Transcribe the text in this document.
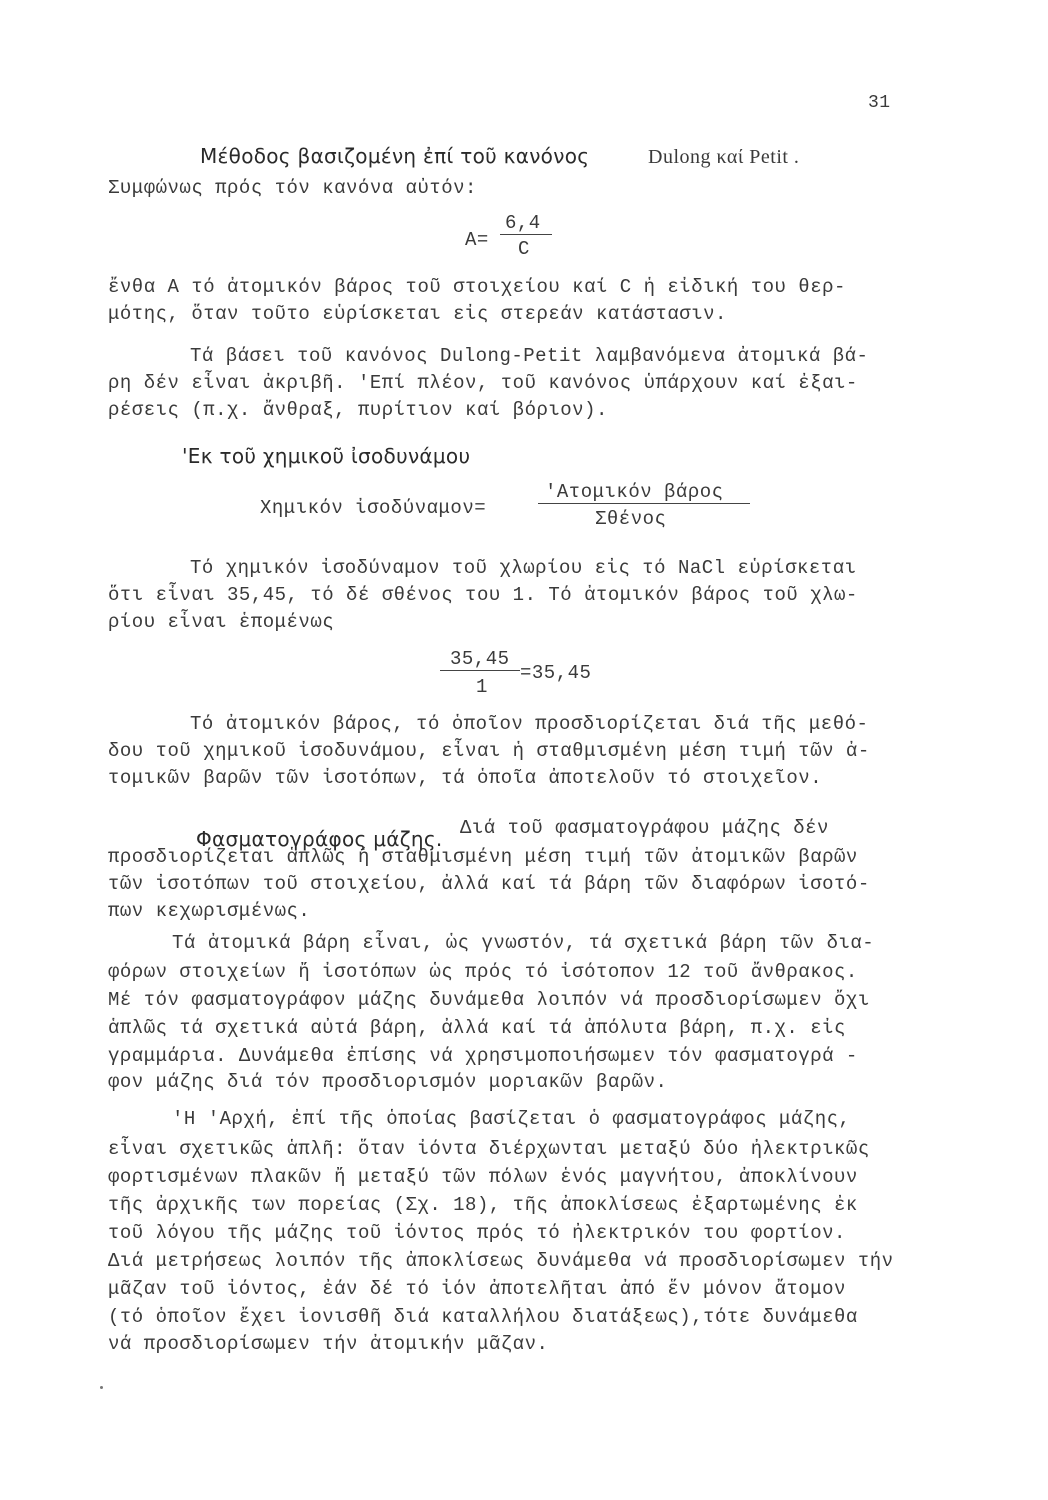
31
Μέθοδος βασιζομένη ἐπί τοῦ κανόνος	Dulong καί Petit .
Συμφώνως πρός τόν κανόνα αὐτόν:
A=
6,4
C
ἔνθα A τό ἀτομικόν βάρος τοῦ στοιχείου καί C ἡ εἰδική του θερ-
μότης, ὅταν τοῦτο εὑρίσκεται εἰς στερεάν κατάστασιν.
Τά βάσει τοῦ κανόνος Dulong-Petit λαμβανόμενα ἀτομικά βά-
ρη δέν εἶναι ἀκριβῆ. 'Επί πλέον, τοῦ κανόνος ὑπάρχουν καί ἐξαι-
ρέσεις (π.χ. ἄνθραξ, πυρίτιον καί βόριον).
'Εκ τοῦ χημικοῦ ἰσοδυνάμου
Χημικόν ἰσοδύναμον=
'Ατομικόν βάρος
Σθένος
Τό χημικόν ἰσοδύναμον τοῦ χλωρίου εἰς τό NaCl εὑρίσκεται
ὅτι εἶναι 35,45, τό δέ σθένος του 1. Τό ἀτομικόν βάρος τοῦ χλω-
ρίου εἶναι ἑπομένως
35,45
1
=35,45
Τό ἀτομικόν βάρος, τό ὁποῖον προσδιορίζεται διά τῆς μεθό-
δου τοῦ χημικοῦ ἰσοδυνάμου, εἶναι ἡ σταθμισμένη μέση τιμή τῶν ἀ-
τομικῶν βαρῶν τῶν ἰσοτόπων, τά ὁποῖα ἀποτελοῦν τό στοιχεῖον.
Φασματογράφος μάζης. Διά τοῦ φασματογράφου μάζης δέν
προσδιορίζεται ἁπλῶς ἡ σταθμισμένη μέση τιμή τῶν ἀτομικῶν βαρῶν
τῶν ἰσοτόπων τοῦ στοιχείου, ἀλλά καί τά βάρη τῶν διαφόρων ἰσοτό-
πων κεχωρισμένως.
Τά ἀτομικά βάρη εἶναι, ὡς γνωστόν, τά σχετικά βάρη τῶν δια-
φόρων στοιχείων ἤ ἰσοτόπων ὡς πρός τό ἰσότοπον 12 τοῦ ἄνθρακος.
Μέ τόν φασματογράφον μάζης δυνάμεθα λοιπόν νά προσδιορίσωμεν ὄχι
ἁπλῶς τά σχετικά αὐτά βάρη, ἀλλά καί τά ἀπόλυτα βάρη, π.χ. εἰς
γραμμάρια. Δυνάμεθα ἐπίσης νά χρησιμοποιήσωμεν τόν φασματογρά -
φον μάζης διά τόν προσδιορισμόν μοριακῶν βαρῶν.
'Η 'Αρχή, ἐπί τῆς ὁποίας βασίζεται ὁ φασματογράφος μάζης,
εἶναι σχετικῶς ἁπλῆ: ὅταν ἰόντα διέρχωνται μεταξύ δύο ἠλεκτρικῶς
φορτισμένων πλακῶν ἤ μεταξύ τῶν πόλων ἑνός μαγνήτου, ἀποκλίνουν
τῆς ἀρχικῆς των πορείας (Σχ. 18), τῆς ἀποκλίσεως ἐξαρτωμένης ἐκ
τοῦ λόγου τῆς μάζης τοῦ ἰόντος πρός τό ἠλεκτρικόν του φορτίον.
Διά μετρήσεως λοιπόν τῆς ἀποκλίσεως δυνάμεθα νά προσδιορίσωμεν τήν
μᾶζαν τοῦ ἰόντος, ἐάν δέ τό ἰόν ἀποτελῆται ἀπό ἕν μόνον ἄτομον
(τό ὁποῖον ἔχει ἰονισθῆ διά καταλλήλου διατάξεως),τότε δυνάμεθα
νά προσδιορίσωμεν τήν ἀτομικήν μᾶζαν.
